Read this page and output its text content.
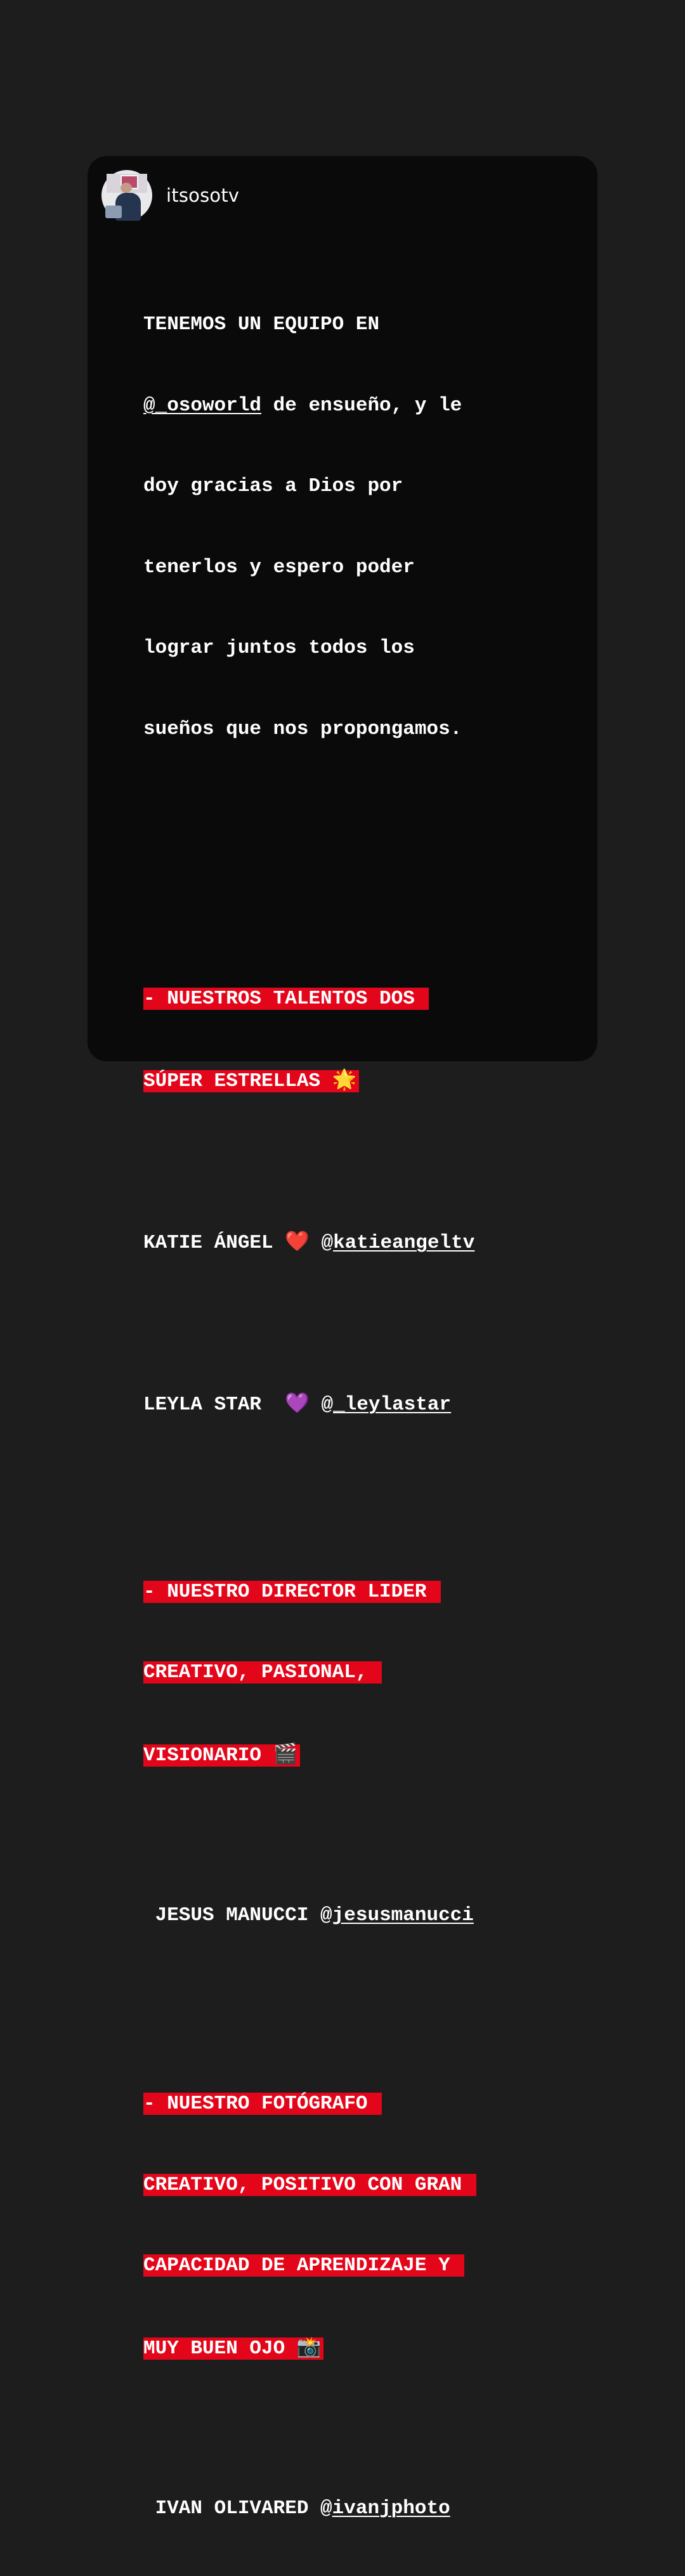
itsosotv

TENEMOS UN EQUIPO EN

@_osoworld de ensueño, y le

doy gracias a Dios por

tenerlos y espero poder

lograr juntos todos los

sueños que nos propongamos.

- NUESTROS TALENTOS DOS

SÚPER ESTRELLAS 🌟

KATIE ÁNGEL ❤️ @katieangeltv

LEYLA STAR  💜 @_leylastar

- NUESTRO DIRECTOR LIDER

CREATIVO, PASIONAL,

VISIONARIO 🎬

JESUS MANUCCI @jesusmanucci

- NUESTRO FOTÓGRAFO

CREATIVO, POSITIVO CON GRAN

CAPACIDAD DE APRENDIZAJE Y

MUY BUEN OJO 📸

IVAN OLIVARED @ivanjphoto
